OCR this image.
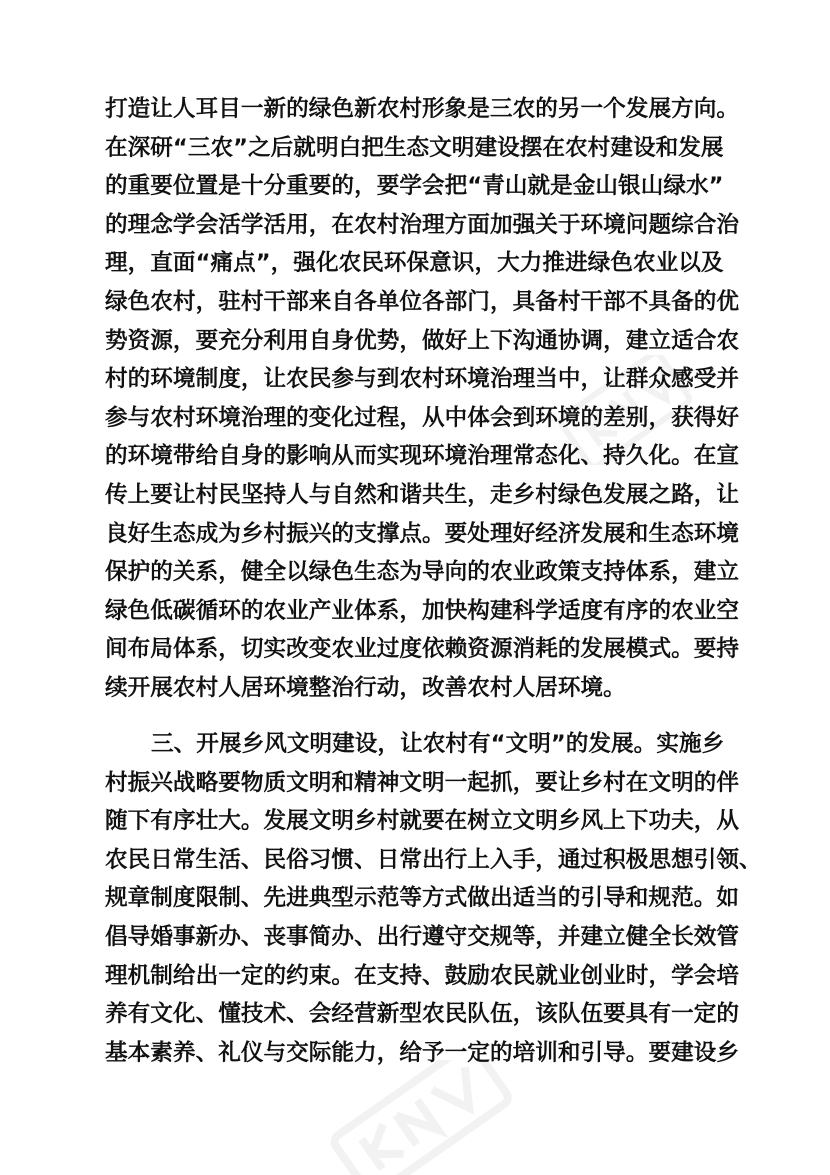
打造让人耳目一新的绿色新农村形象是三农的另一个发展方向。
在深研“三农”之后就明白把生态文明建设摆在农村建设和发展
的重要位置是十分重要的，要学会把“青山就是金山银山绿水”
的理念学会活学活用，在农村治理方面加强关于环境问题综合治
理，直面“痛点”，强化农民环保意识，大力推进绿色农业以及
绿色农村，驻村干部来自各单位各部门，具备村干部不具备的优
势资源，要充分利用自身优势，做好上下沟通协调，建立适合农
村的环境制度，让农民参与到农村环境治理当中，让群众感受并
参与农村环境治理的变化过程，从中体会到环境的差别，获得好
的环境带给自身的影响从而实现环境治理常态化、持久化。在宣
传上要让村民坚持人与自然和谐共生，走乡村绿色发展之路，让
良好生态成为乡村振兴的支撑点。要处理好经济发展和生态环境
保护的关系，健全以绿色生态为导向的农业政策支持体系，建立
绿色低碳循环的农业产业体系，加快构建科学适度有序的农业空
间布局体系，切实改变农业过度依赖资源消耗的发展模式。要持
续开展农村人居环境整治行动，改善农村人居环境。
三、开展乡风文明建设，让农村有“文明”的发展。实施乡
村振兴战略要物质文明和精神文明一起抓，要让乡村在文明的伴
随下有序壮大。发展文明乡村就要在树立文明乡风上下功夫，从
农民日常生活、民俗习惯、日常出行上入手，通过积极思想引领、
规章制度限制、先进典型示范等方式做出适当的引导和规范。如
倡导婚事新办、丧事简办、出行遵守交规等，并建立健全长效管
理机制给出一定的约束。在支持、鼓励农民就业创业时，学会培
养有文化、懂技术、会经营新型农民队伍，该队伍要具有一定的
基本素养、礼仪与交际能力，给予一定的培训和引导。要建设乡
